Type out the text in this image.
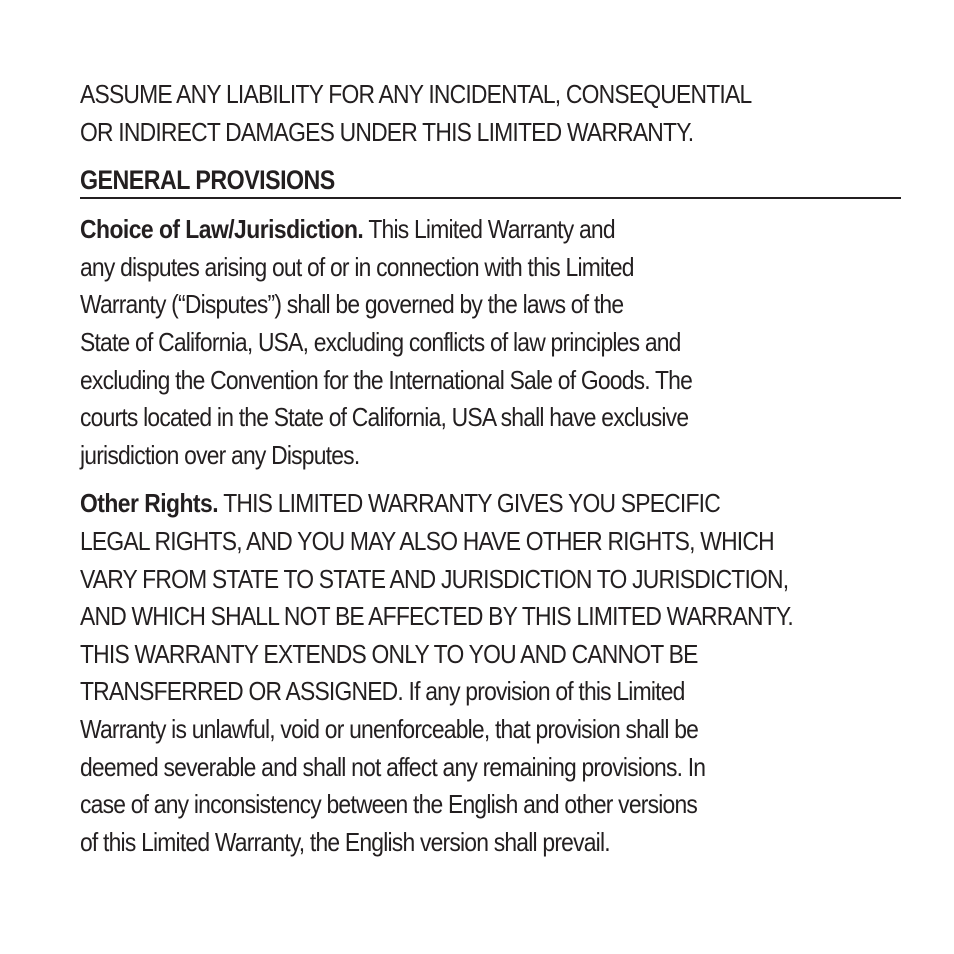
ASSUME ANY LIABILITY FOR ANY INCIDENTAL, CONSEQUENTIAL
OR INDIRECT DAMAGES UNDER THIS LIMITED WARRANTY.
GENERAL PROVISIONS
Choice of Law/Jurisdiction. This Limited Warranty and
any disputes arising out of or in connection with this Limited
Warranty (“Disputes”) shall be governed by the laws of the
State of California, USA, excluding conflicts of law principles and
excluding the Convention for the International Sale of Goods. The
courts located in the State of California, USA shall have exclusive
jurisdiction over any Disputes.
Other Rights. THIS LIMITED WARRANTY GIVES YOU SPECIFIC
LEGAL RIGHTS, AND YOU MAY ALSO HAVE OTHER RIGHTS, WHICH
VARY FROM STATE TO STATE AND JURISDICTION TO JURISDICTION,
AND WHICH SHALL NOT BE AFFECTED BY THIS LIMITED WARRANTY.
THIS WARRANTY EXTENDS ONLY TO YOU AND CANNOT BE
TRANSFERRED OR ASSIGNED. If any provision of this Limited
Warranty is unlawful, void or unenforceable, that provision shall be
deemed severable and shall not affect any remaining provisions. In
case of any inconsistency between the English and other versions
of this Limited Warranty, the English version shall prevail.
